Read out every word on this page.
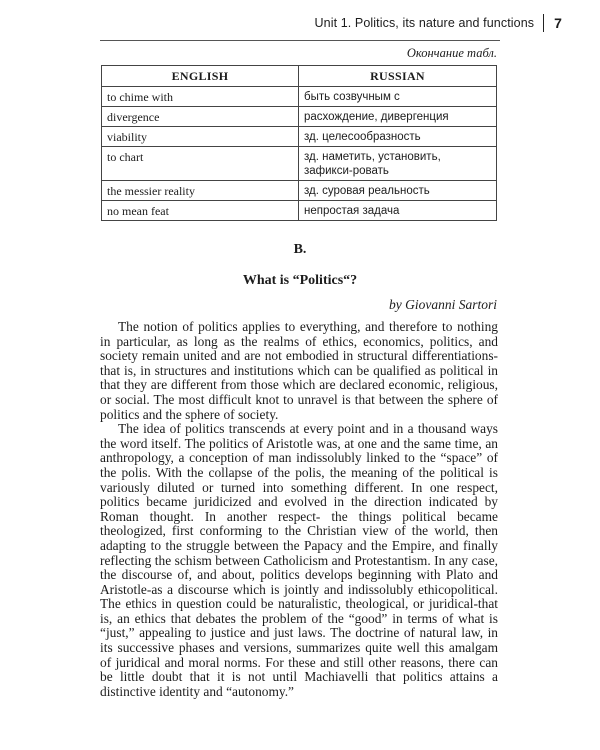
Unit 1. Politics, its nature and functions 7
Окончание табл.
ENGLISH	RUSSIAN
to chime with	быть созвучным с
divergence	расхождение, дивергенция
viability	зд. целесообразность
to chart	зд. наметить, установить, зафикси-ровать
the messier reality	зд. суровая реальность
no mean feat	непростая задача
B.
What is “Politics“?
by Giovanni Sartori

The notion of politics applies to everything, and therefore to nothing in particular, as long as the realms of ethics, economics, politics, and society remain united and are not embodied in structural differentiations-that is, in structures and institutions which can be qualified as political in that they are different from those which are declared economic, religious, or social. The most difficult knot to unravel is that between the sphere of politics and the sphere of society.

The idea of politics transcends at every point and in a thousand ways the word itself. The politics of Aristotle was, at one and the same time, an anthropology, a conception of man indissolubly linked to the “space” of the polis. With the collapse of the polis, the meaning of the political is variously diluted or turned into something different. In one respect, politics became juridicized and evolved in the direction indicated by Roman thought. In another respect- the things political became theologized, first conforming to the Christian view of the world, then adapting to the struggle between the Papacy and the Empire, and finally reflecting the schism between Catholicism and Protestantism. In any case, the discourse of, and about, politics develops beginning with Plato and Aristotle-as a discourse which is jointly and indissolubly ethicopolitical. The ethics in question could be naturalistic, theological, or juridical-that is, an ethics that debates the problem of the “good” in terms of what is “just,” appealing to justice and just laws. The doctrine of natural law, in its successive phases and versions, summarizes quite well this amalgam of juridical and moral norms. For these and still other reasons, there can be little doubt that it is not until Machiavelli that politics attains a distinctive identity and “autonomy.”
